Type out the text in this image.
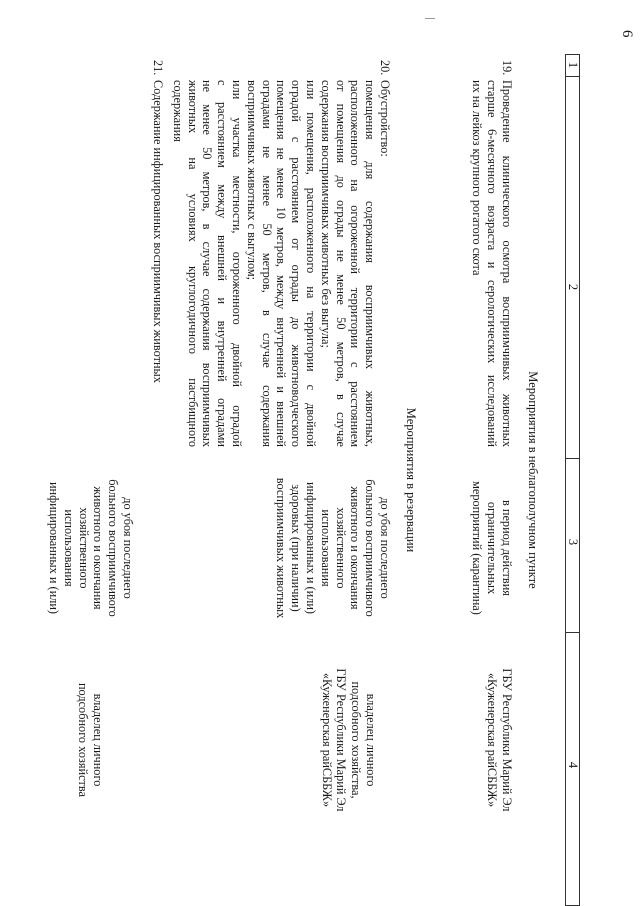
6
1
2
3
4
Мероприятия в неблагополучном пункте
Мероприятия в резервации
19.
Проведение клинического осмотра восприимчивых животных
старше 6-месячного возраста и серологических исследований
их на лейкоз крупного рогатого скота
в период действия
ограничительных
мероприятий (карантина)
ГБУ Республики Марий Эл
«Куженерская райСББЖ»
20.
Обустройство:
помещения для содержания восприимчивых животных,
расположенного на огороженной территории с расстоянием
от помещения до ограды не менее 50 метров, в случае
содержания восприимчивых животных без выгула;
или помещения, расположенного на территории с двойной
оградой с расстоянием от ограды до животноводческого
помещения не менее 10 метров, между внутренней и внешней
оградами не менее 50 метров, в случае содержания
восприимчивых животных с выгулом;
или участка местности, огороженного двойной оградой
с расстоянием между внешней и внутренней оградами
не менее 50 метров, в случае содержания восприимчивых
животных на условиях круглогодичного пастбищного
содержания
до убоя последнего
больного восприимчивого
животного и окончания
хозяйственного
использования
инфицированных и (или)
здоровых (при наличии)
восприимчивых животных
владелец личного
подсобного хозяйства,
ГБУ Республики Марий Эл
«Куженерская райСББЖ»
21.
Содержание инфицированных восприимчивых животных
до убоя последнего
больного восприимчивого
животного и окончания
хозяйственного
использования
инфицированных и (или)
владелец личного
подсобного хозяйства
